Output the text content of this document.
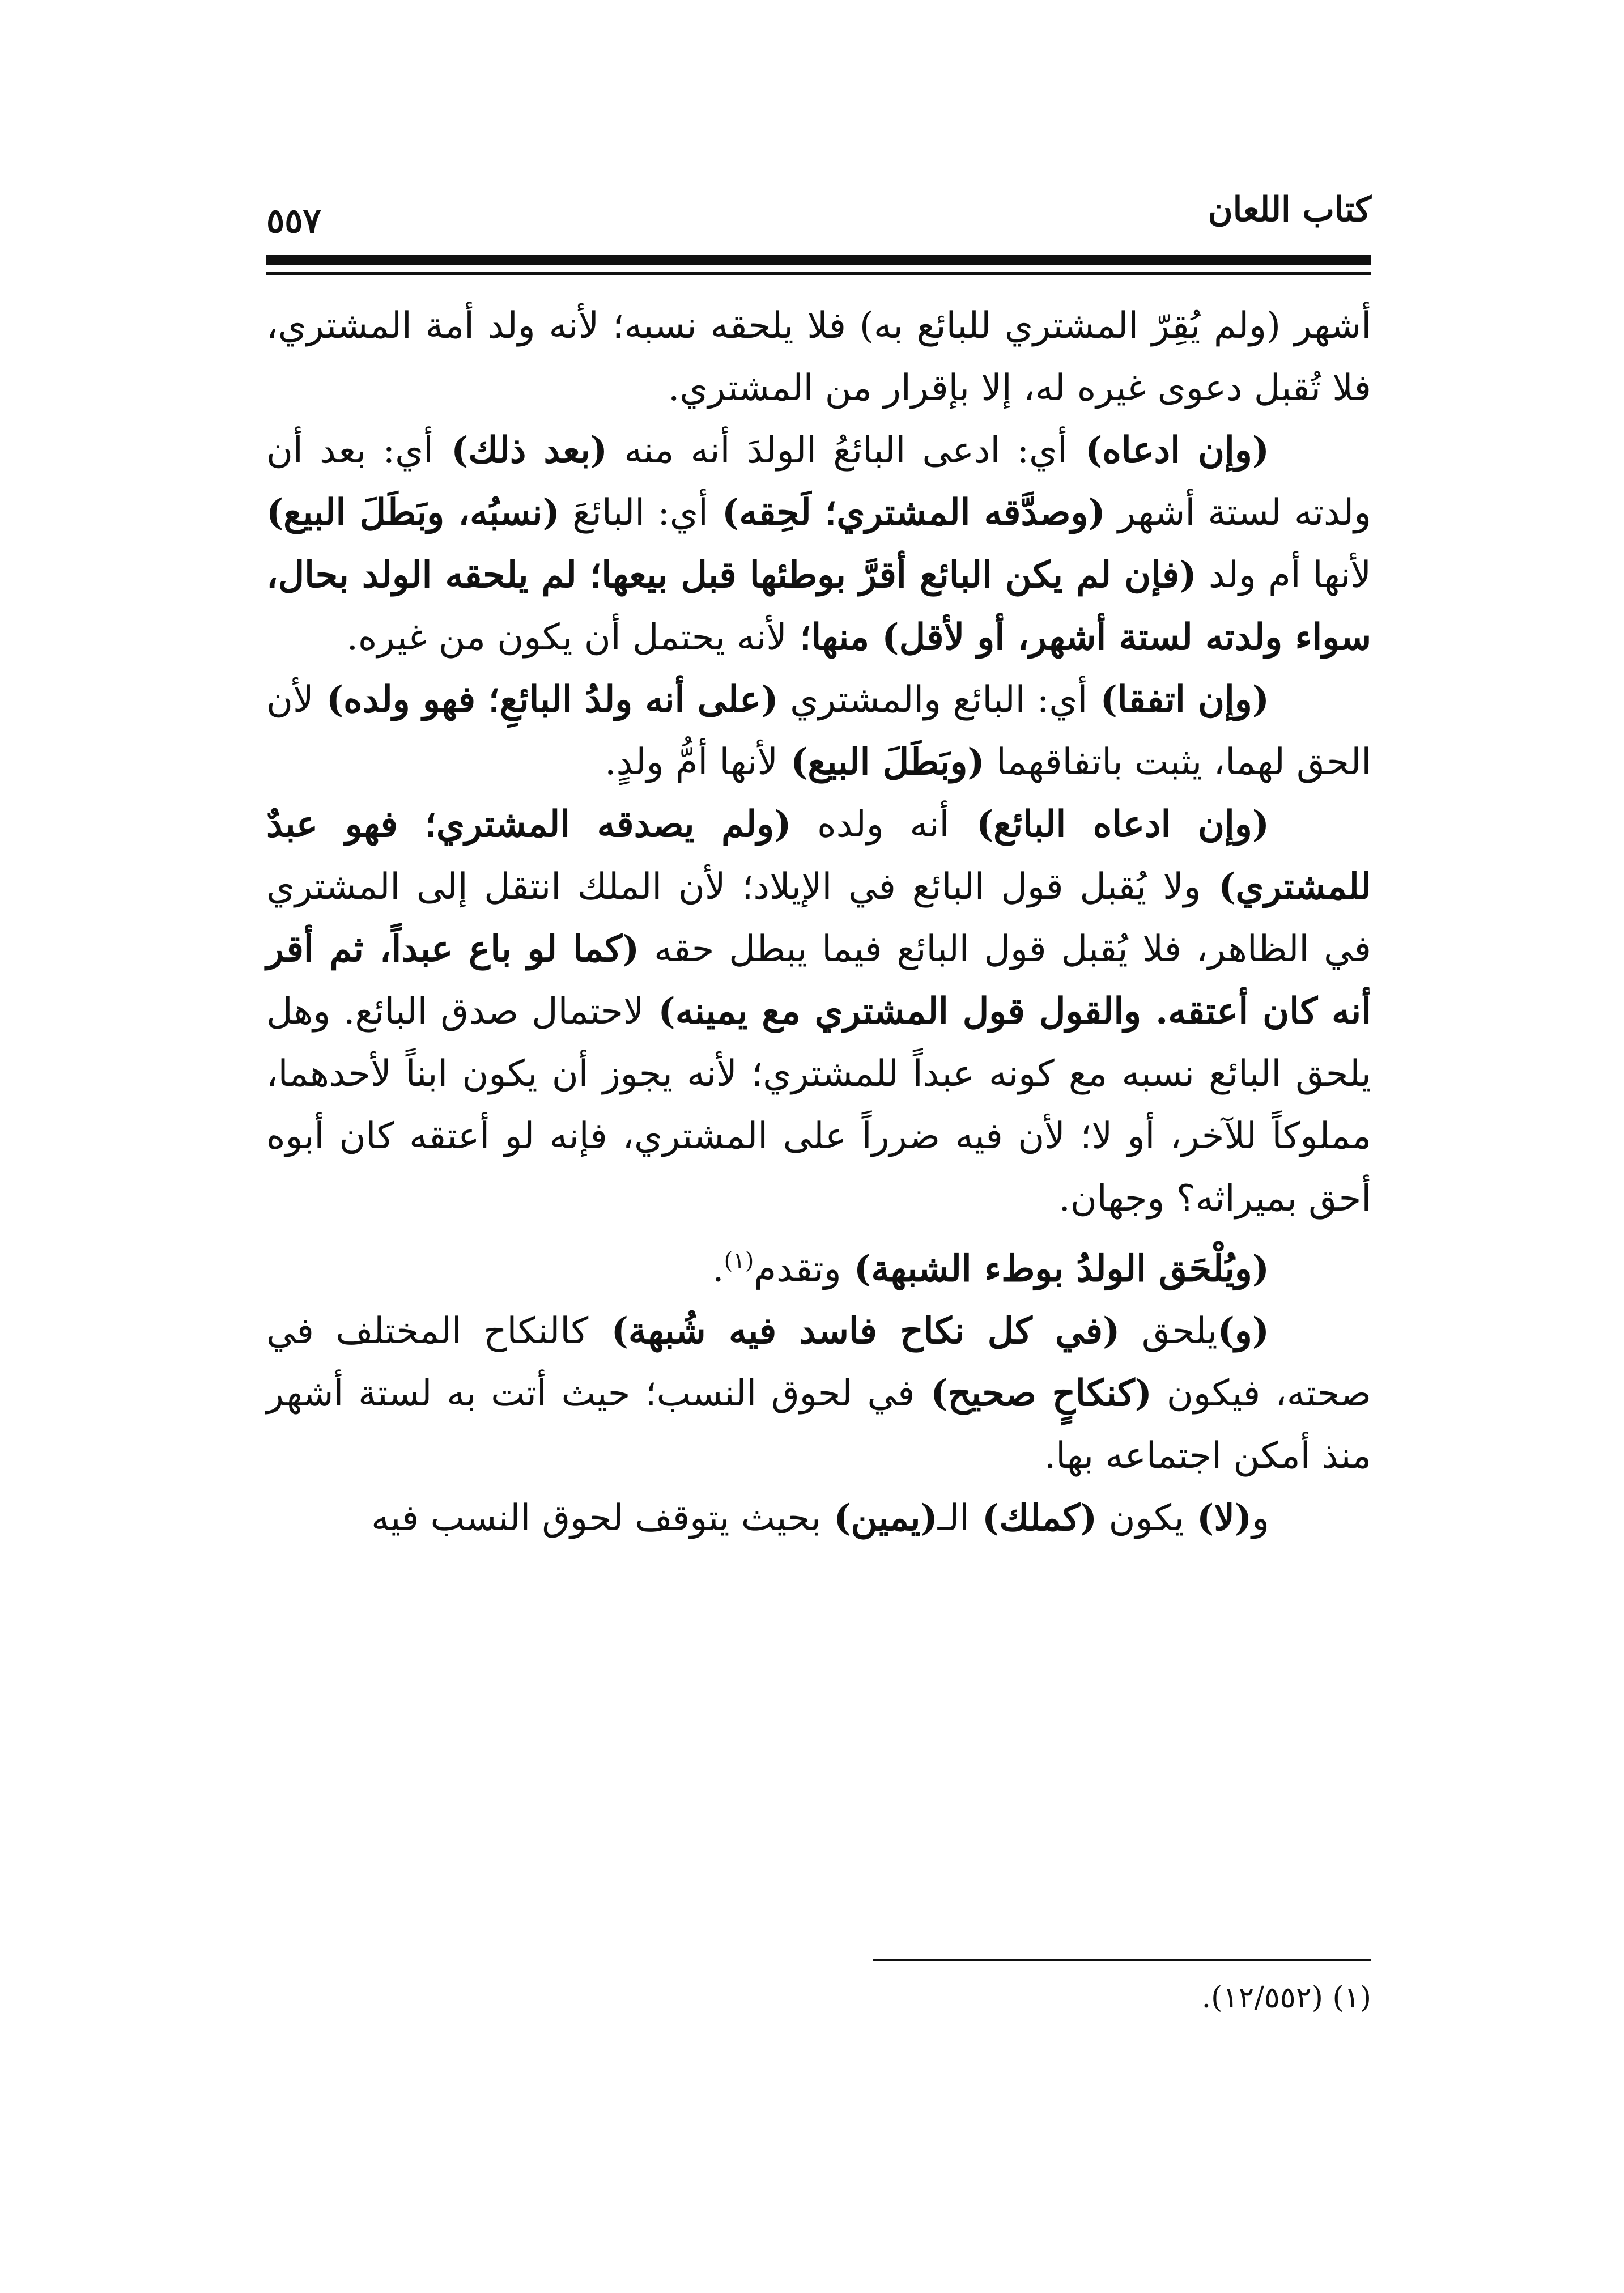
كتاب اللعان
٥٥٧

أشهر (ولم يُقِرّ المشتري للبائع به) فلا يلحقه نسبه؛ لأنه ولد أمة المشتري، فلا تُقبل دعوى غيره له، إلا بإقرار من المشتري.

(وإن ادعاه) أي: ادعى البائعُ الولدَ أنه منه (بعد ذلك) أي: بعد أن ولدته لستة أشهر (وصدَّقه المشتري؛ لَحِقه) أي: البائعَ (نسبُه، وبَطَلَ البيع) لأنها أم ولد (فإن لم يكن البائع أقرَّ بوطئها قبل بيعها؛ لم يلحقه الولد بحال، سواء ولدته لستة أشهر، أو لأقل) منها؛ لأنه يحتمل أن يكون من غيره.

(وإن اتفقا) أي: البائع والمشتري (على أنه ولدُ البائعِ؛ فهو ولده) لأن الحق لهما، يثبت باتفاقهما (وبَطَلَ البيع) لأنها أمُّ ولدٍ.

(وإن ادعاه البائع) أنه ولده (ولم يصدقه المشتري؛ فهو عبدٌ للمشتري) ولا يُقبل قول البائع في الإيلاد؛ لأن الملك انتقل إلى المشتري في الظاهر، فلا يُقبل قول البائع فيما يبطل حقه (كما لو باع عبداً، ثم أقر أنه كان أعتقه. والقول قول المشتري مع يمينه) لاحتمال صدق البائع. وهل يلحق البائع نسبه مع كونه عبداً للمشتري؛ لأنه يجوز أن يكون ابناً لأحدهما، مملوكاً للآخر، أو لا؛ لأن فيه ضرراً على المشتري، فإنه لو أعتقه كان أبوه أحق بميراثه؟ وجهان.

(ويُلْحَق الولدُ بوطء الشبهة) وتقدم$^{(١)}$.

(و)يلحق (في كل نكاح فاسد فيه شُبهة) كالنكاح المختلف في صحته، فيكون (كنكاحٍ صحيح) في لحوق النسب؛ حيث أتت به لستة أشهر منذ أمكن اجتماعه بها.

و(لا) يكون (كملك) الـ(يمين) بحيث يتوقف لحوق النسب فيه

(١) (١٢/٥٥٢).
